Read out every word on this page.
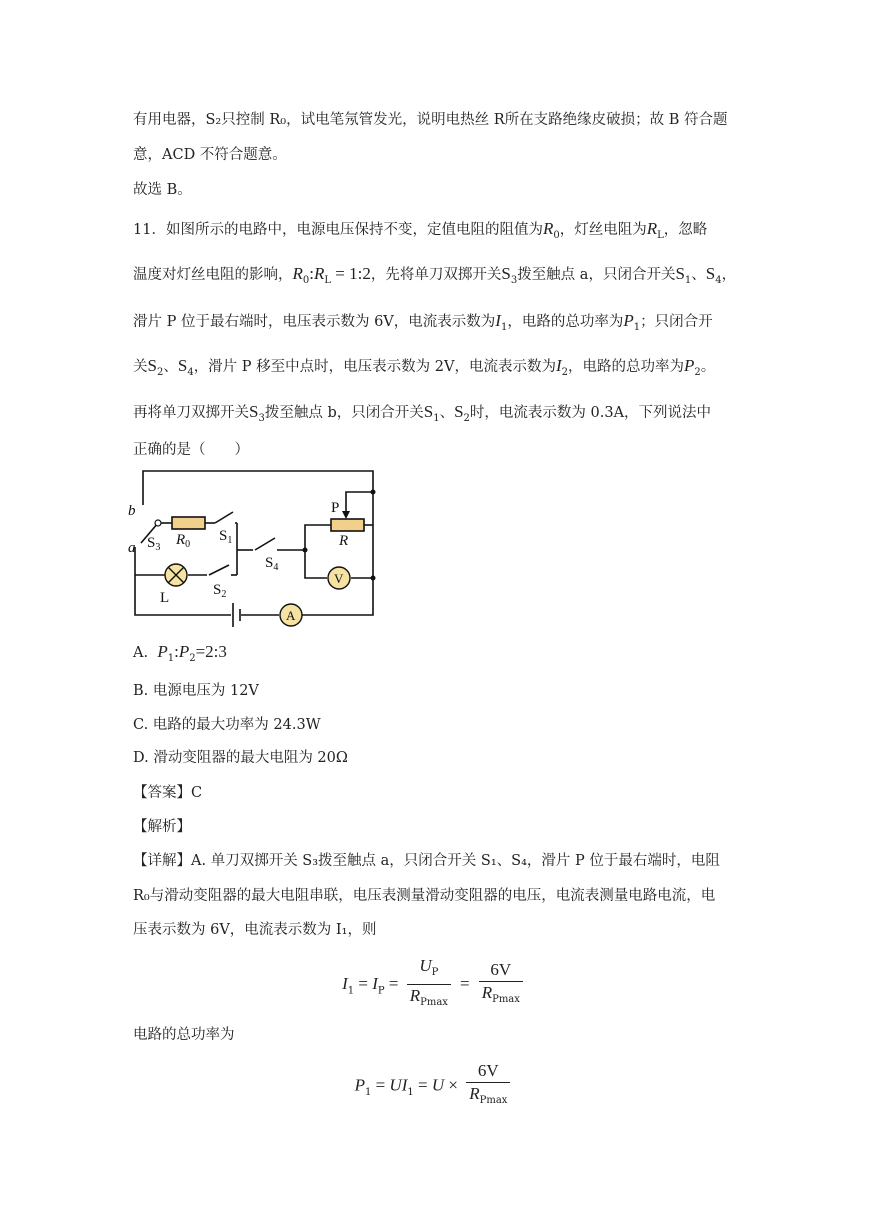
有用电器，S₂只控制 R₀，试电笔氖管发光，说明电热丝 R所在支路绝缘皮破损；故 B 符合题
意，ACD 不符合题意。
故选 B。
11．如图所示的电路中，电源电压保持不变，定值电阻的阻值为$R_0$，灯丝电阻为$R_L$，忽略
温度对灯丝电阻的影响，$R_0:R_L$ = 1:2，先将单刀双掷开关$S_3$拨至触点 a，只闭合开关$S_1$、$S_4$，
滑片 P 位于最右端时，电压表示数为 6V，电流表示数为$I_1$，电路的总功率为$P_1$；只闭合开
关$S_2$、$S_4$，滑片 P 移至中点时，电压表示数为 2V，电流表示数为$I_2$，电路的总功率为$P_2$。
再将单刀双掷开关$S_3$拨至触点 b，只闭合开关$S_1$、$S_2$时，电流表示数为 0.3A，下列说法中
正确的是（　　）
b
a $S_3$ $R_0$
$S_1$
$S_4$
$S_2$
L
P
R
V
A
A. $P_1:P_2=2:3$
B. 电源电压为 12V
C. 电路的最大功率为 24.3W
D. 滑动变阻器的最大电阻为 20Ω
【答案】C
【解析】
【详解】A. 单刀双掷开关 S₃拨至触点 a，只闭合开关 S₁、S₄，滑片 P 位于最右端时，电阻
R₀与滑动变阻器的最大电阻串联，电压表测量滑动变阻器的电压，电流表测量电路电流，电
压表示数为 6V，电流表示数为 I₁，则
$I_1 = I_P = \frac{U_P}{R_{Pmax}} = \frac{6V}{R_{Pmax}}$
电路的总功率为
$P_1 = UI_1 = U \times \frac{6V}{R_{Pmax}}$
